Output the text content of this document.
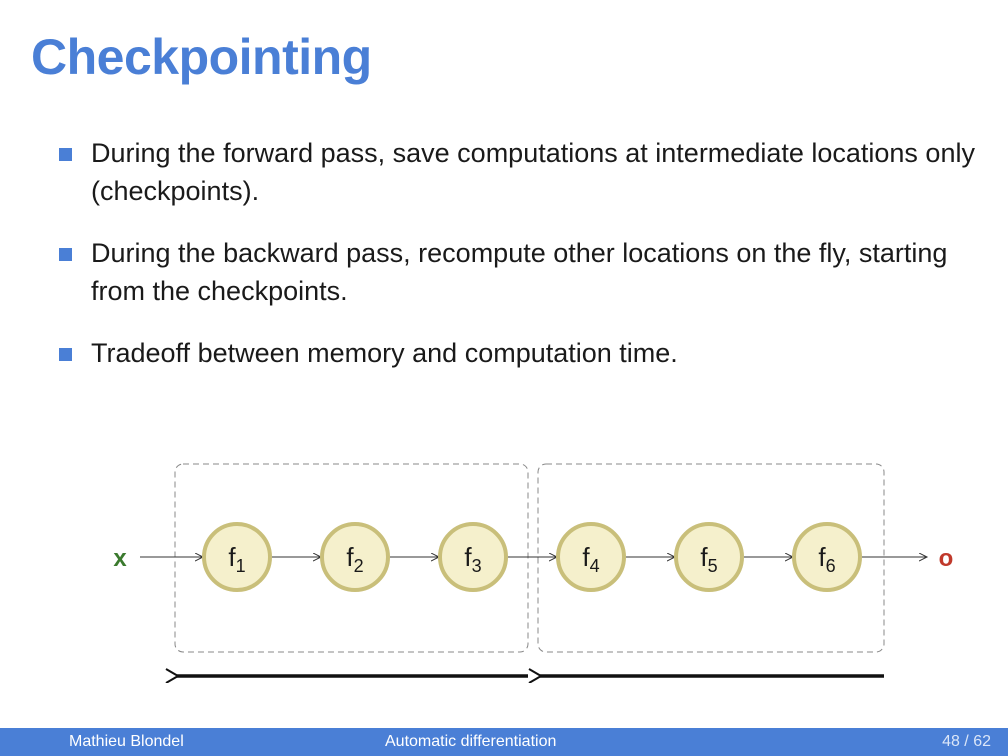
Checkpointing
During the forward pass, save computations at intermediate locations only (checkpoints).
During the backward pass, recompute other locations on the fly, starting from the checkpoints.
Tradeoff between memory and computation time.
x	o
f1	f2	f3	f4	f5	f6
Mathieu Blondel	Automatic differentiation	48 / 62
